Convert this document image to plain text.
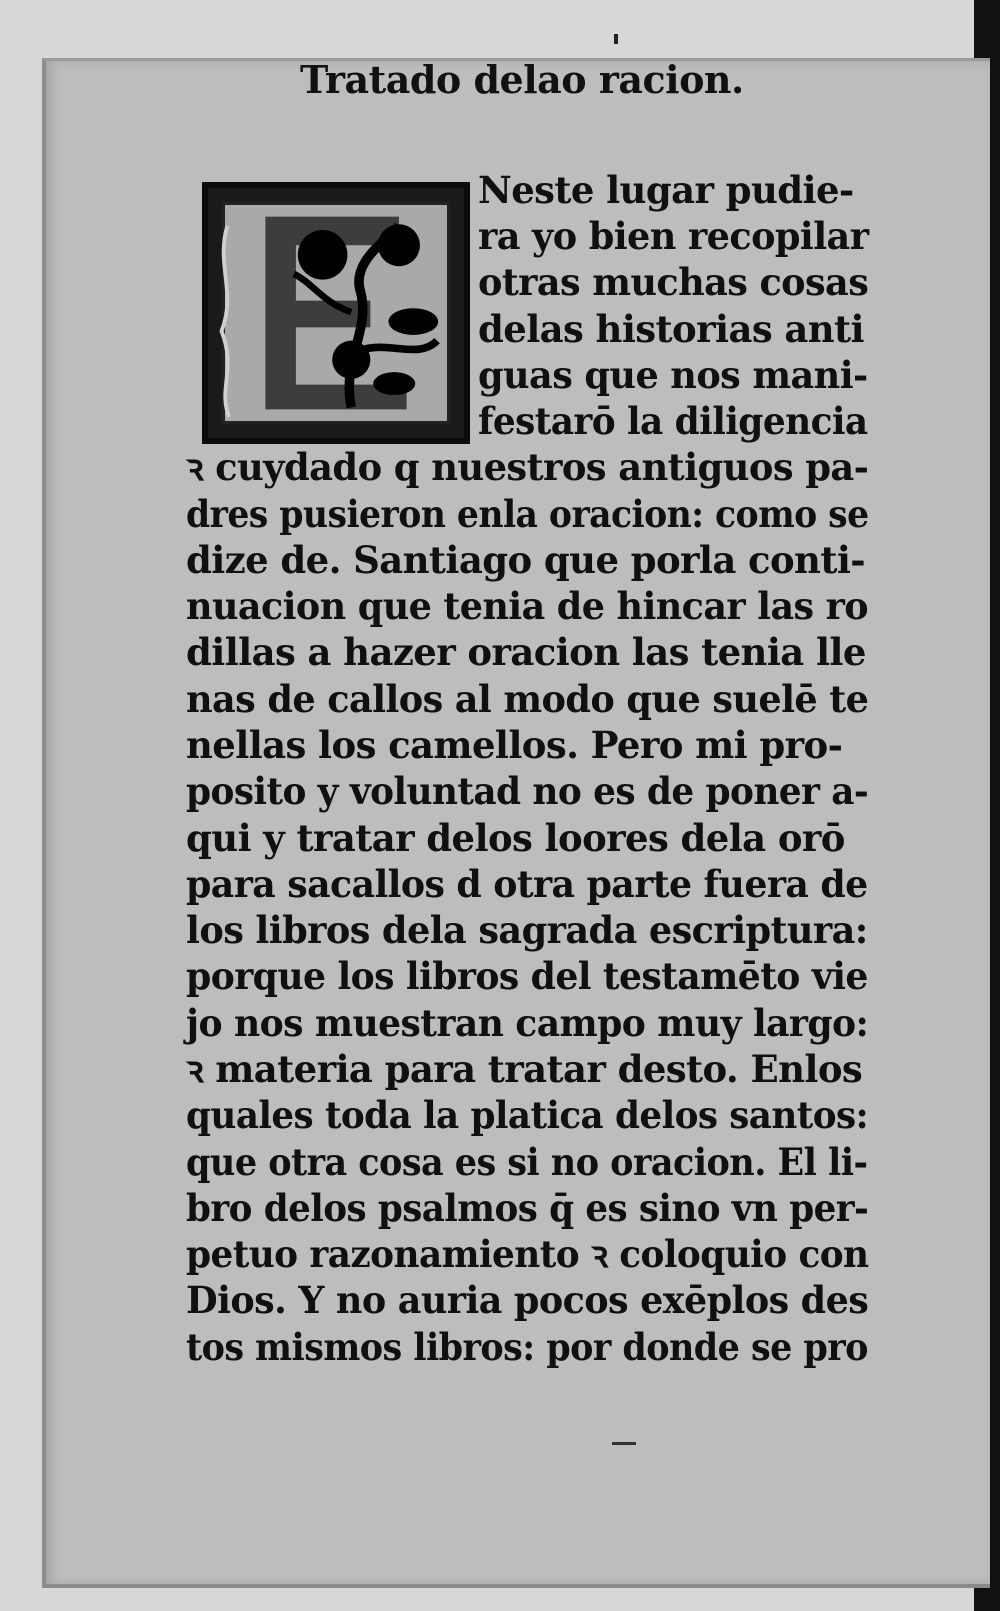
Tratado delao racion.

Neste lugar pudie-

ra yo bien recopilar

otras muchas cosas

delas historias anti

guas que nos mani-

festarō la diligencia

ꝛ cuydado q nuestros antiguos pa-

dres pusieron enla oracion: como se

dize de. Santiago que porla conti-

nuacion que tenia de hincar las ro

dillas a hazer oracion las tenia lle

nas de callos al modo que suelē te

nellas los camellos. Pero mi pro-

posito y voluntad no es de poner a-

qui y tratar delos loores dela orō

para sacallos d otra parte fuera de

los libros dela sagrada escriptura:

porque los libros del testamēto vie

jo nos muestran campo muy largo:

ꝛ materia para tratar desto. Enlos

quales toda la platica delos santos:

que otra cosa es si no oracion. El li-

bro delos psalmos q̄ es sino vn per-

petuo razonamiento ꝛ coloquio con

Dios. Y no auria pocos exēplos des

tos mismos libros: por donde se pro
